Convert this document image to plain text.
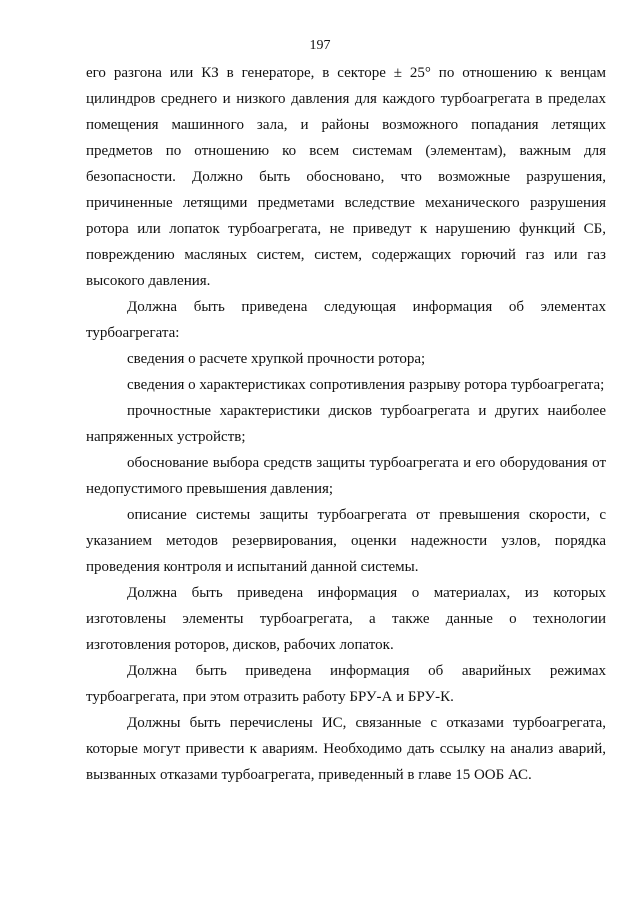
197

его разгона или КЗ в генераторе, в секторе ± 25° по отношению к венцам цилиндров среднего и низкого давления для каждого турбоагрегата в пределах помещения машинного зала, и районы возможного попадания летящих предметов по отношению ко всем системам (элементам), важным для безопасности. Должно быть обосновано, что возможные разрушения, причиненные летящими предметами вследствие механического разрушения ротора или лопаток турбоагрегата, не приведут к нарушению функций СБ, повреждению масляных систем, систем, содержащих горючий газ или газ высокого давления.

Должна быть приведена следующая информация об элементах турбоагрегата:

сведения о расчете хрупкой прочности ротора;

сведения о характеристиках сопротивления разрыву ротора турбоагрегата;

прочностные характеристики дисков турбоагрегата и других наиболее напряженных устройств;

обоснование выбора средств защиты турбоагрегата и его оборудования от недопустимого превышения давления;

описание системы защиты турбоагрегата от превышения скорости, с указанием методов резервирования, оценки надежности узлов, порядка проведения контроля и испытаний данной системы.

Должна быть приведена информация о материалах, из которых изготовлены элементы турбоагрегата, а также данные о технологии изготовления роторов, дисков, рабочих лопаток.

Должна быть приведена информация об аварийных режимах турбоагрегата, при этом отразить работу БРУ-А и БРУ-К.

Должны быть перечислены ИС, связанные с отказами турбоагрегата, которые могут привести к авариям. Необходимо дать ссылку на анализ аварий, вызванных отказами турбоагрегата, приведенный в главе 15 ООБ АС.
